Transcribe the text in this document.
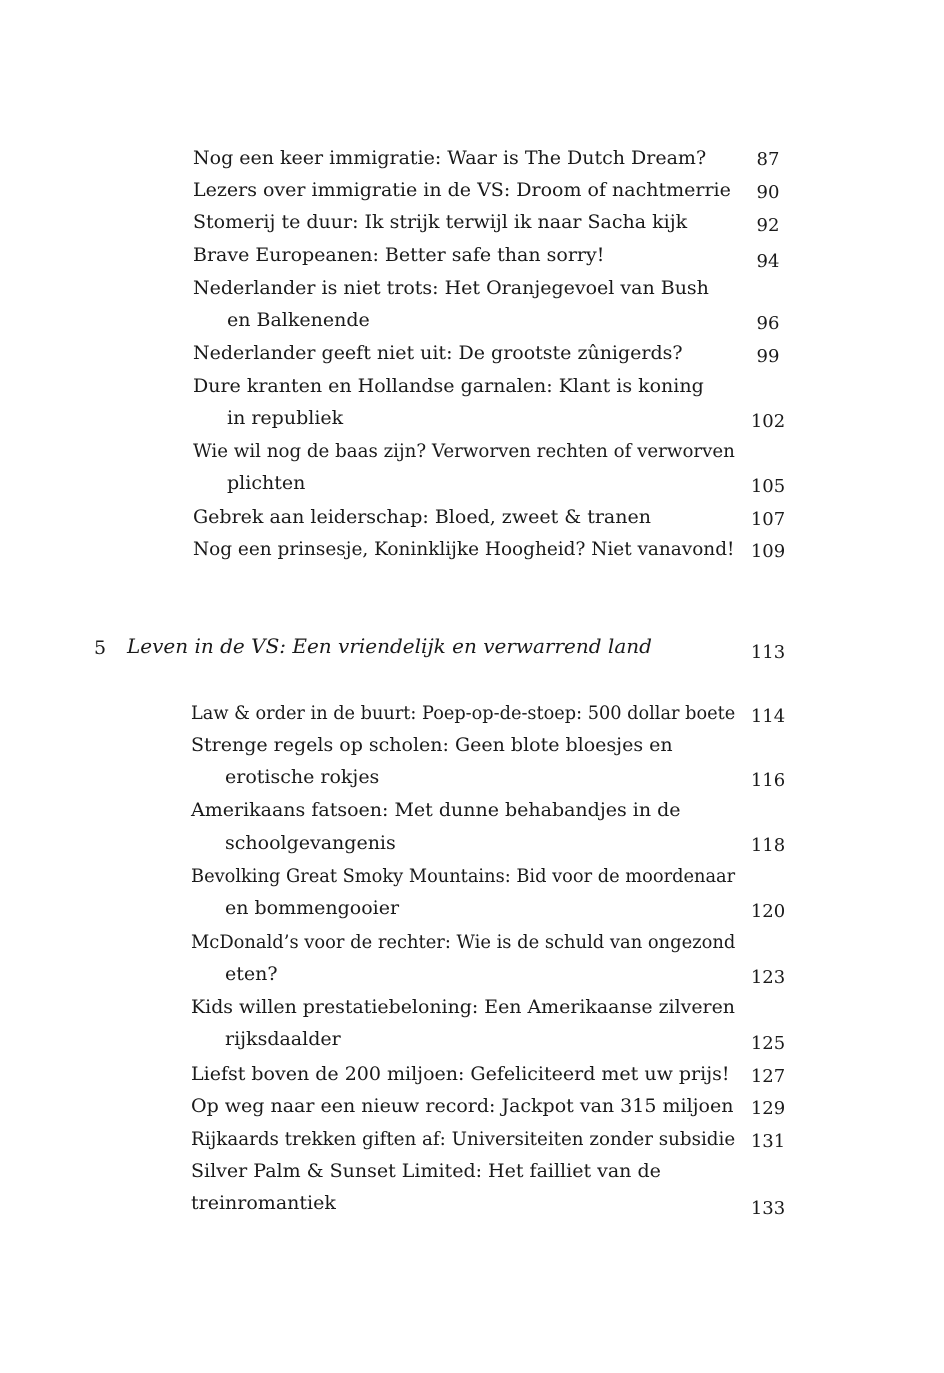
Nog een keer immigratie: Waar is The Dutch Dream?	87
Lezers over immigratie in de VS: Droom of nachtmerrie	90
Stomerij te duur: Ik strijk terwijl ik naar Sacha kijk	92
Brave Europeanen: Better safe than sorry!	94
Nederlander is niet trots: Het Oranjegevoel van Bush
en Balkenende	96
Nederlander geeft niet uit: De grootste zûnigerds?	99
Dure kranten en Hollandse garnalen: Klant is koning
in republiek	102
Wie wil nog de baas zijn? Verworven rechten of verworven
plichten	105
Gebrek aan leiderschap: Bloed, zweet & tranen	107
Nog een prinsesje, Koninklijke Hoogheid? Niet vanavond! 109
5 Leven in de VS: Een vriendelijk en verwarrend land	113
Law & order in de buurt: Poep-op-de-stoep: 500 dollar boete 114
Strenge regels op scholen: Geen blote bloesjes en
erotische rokjes	116
Amerikaans fatsoen: Met dunne behabandjes in de
schoolgevangenis	118
Bevolking Great Smoky Mountains: Bid voor de moordenaar
en bommengooier	120
McDonald’s voor de rechter: Wie is de schuld van ongezond
eten?	123
Kids willen prestatiebeloning: Een Amerikaanse zilveren
rijksdaalder	125
Liefst boven de 200 miljoen: Gefeliciteerd met uw prijs!	127
Op weg naar een nieuw record: Jackpot van 315 miljoen 129
Rijkaards trekken giften af: Universiteiten zonder subsidie 131
Silver Palm & Sunset Limited: Het failliet van de
treinromantiek	133
